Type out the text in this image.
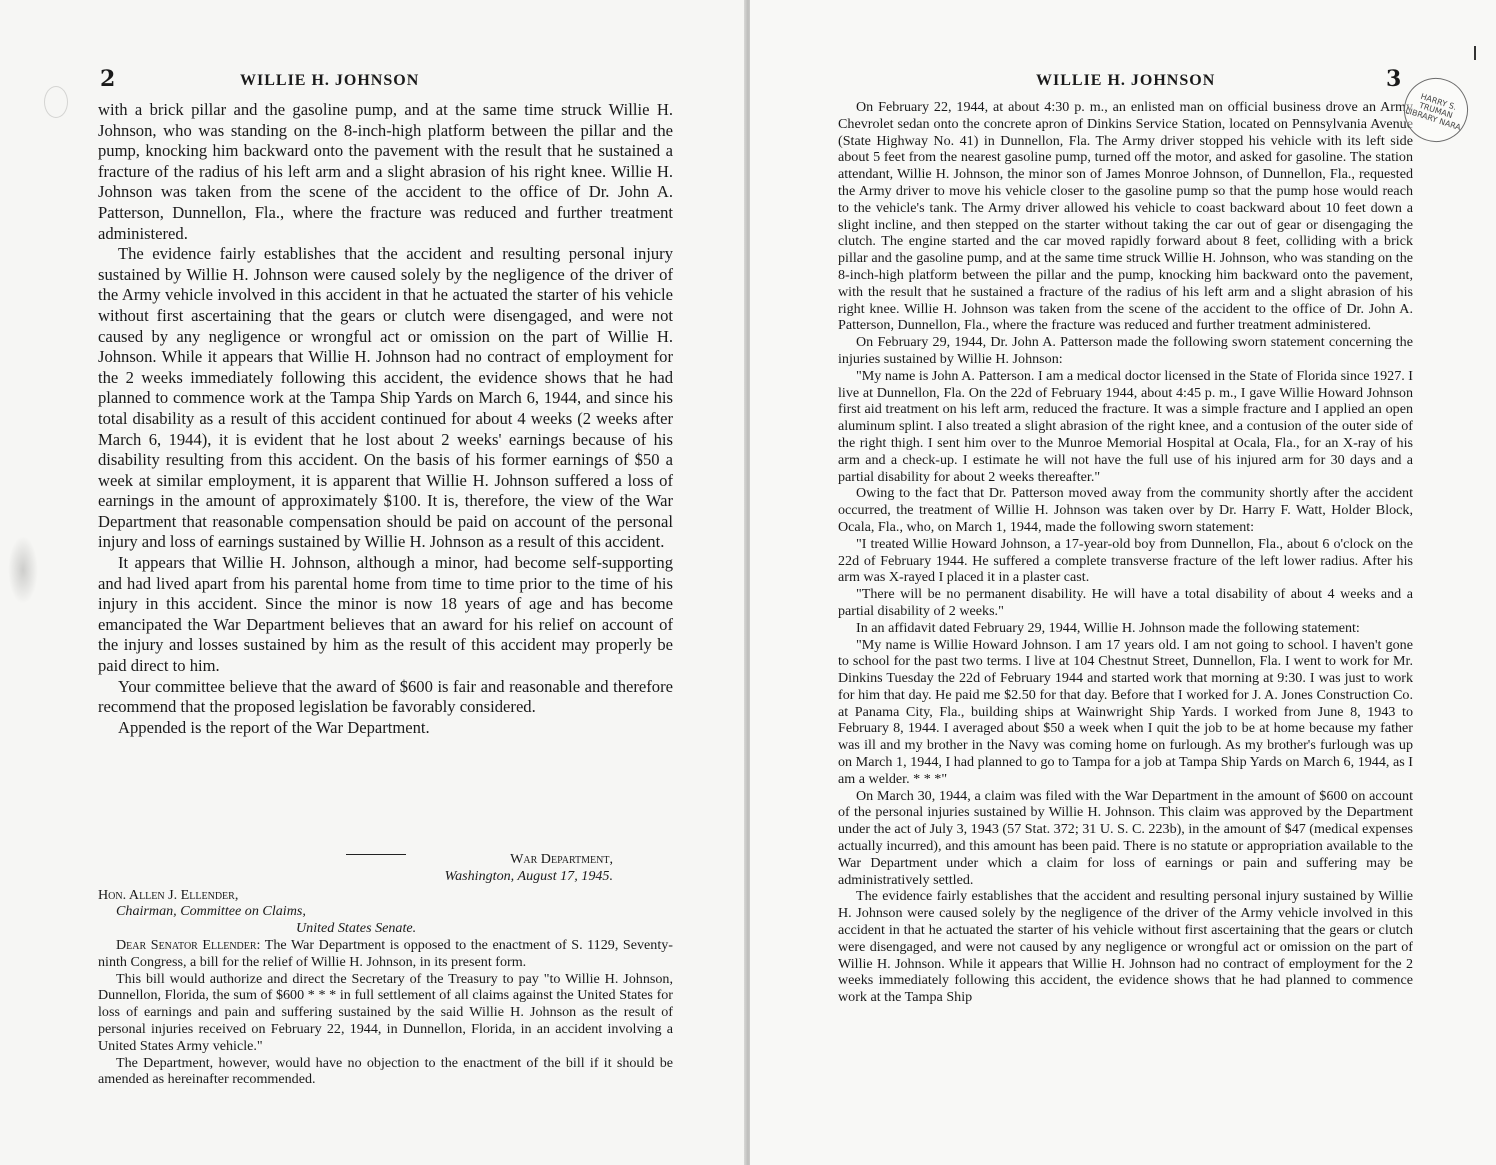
2	WILLIE H. JOHNSON

with a brick pillar and the gasoline pump, and at the same time struck Willie H. Johnson, who was standing on the 8-inch-high platform between the pillar and the pump, knocking him backward onto the pavement with the result that he sustained a fracture of the radius of his left arm and a slight abrasion of his right knee. Willie H. Johnson was taken from the scene of the accident to the office of Dr. John A. Patterson, Dunnellon, Fla., where the fracture was reduced and further treatment administered.

The evidence fairly establishes that the accident and resulting personal injury sustained by Willie H. Johnson were caused solely by the negligence of the driver of the Army vehicle involved in this accident in that he actuated the starter of his vehicle without first ascertaining that the gears or clutch were disengaged, and were not caused by any negligence or wrongful act or omission on the part of Willie H. Johnson. While it appears that Willie H. Johnson had no contract of employment for the 2 weeks immediately following this accident, the evidence shows that he had planned to commence work at the Tampa Ship Yards on March 6, 1944, and since his total disability as a result of this accident continued for about 4 weeks (2 weeks after March 6, 1944), it is evident that he lost about 2 weeks' earnings because of his disability resulting from this accident. On the basis of his former earnings of $50 a week at similar employment, it is apparent that Willie H. Johnson suffered a loss of earnings in the amount of approximately $100. It is, therefore, the view of the War Department that reasonable compensation should be paid on account of the personal injury and loss of earnings sustained by Willie H. Johnson as a result of this accident.

It appears that Willie H. Johnson, although a minor, had become self-supporting and had lived apart from his parental home from time to time prior to the time of his injury in this accident. Since the minor is now 18 years of age and has become emancipated the War Department believes that an award for his relief on account of the injury and losses sustained by him as the result of this accident may properly be paid direct to him.

Your committee believe that the award of $600 is fair and reasonable and therefore recommend that the proposed legislation be favorably considered.

Appended is the report of the War Department.

War Department,
Washington, August 17, 1945.
Hon. Allen J. Ellender,
Chairman, Committee on Claims,
United States Senate.

Dear Senator Ellender: The War Department is opposed to the enactment of S. 1129, Seventy-ninth Congress, a bill for the relief of Willie H. Johnson, in its present form.

This bill would authorize and direct the Secretary of the Treasury to pay "to Willie H. Johnson, Dunnellon, Florida, the sum of $600 * * * in full settlement of all claims against the United States for loss of earnings and pain and suffering sustained by the said Willie H. Johnson as the result of personal injuries received on February 22, 1944, in Dunnellon, Florida, in an accident involving a United States Army vehicle."

The Department, however, would have no objection to the enactment of the bill if it should be amended as hereinafter recommended.

WILLIE H. JOHNSON	3

On February 22, 1944, at about 4:30 p. m., an enlisted man on official business drove an Army Chevrolet sedan onto the concrete apron of Dinkins Service Station, located on Pennsylvania Avenue (State Highway No. 41) in Dunnellon, Fla. The Army driver stopped his vehicle with its left side about 5 feet from the nearest gasoline pump, turned off the motor, and asked for gasoline. The station attendant, Willie H. Johnson, the minor son of James Monroe Johnson, of Dunnellon, Fla., requested the Army driver to move his vehicle closer to the gasoline pump so that the pump hose would reach to the vehicle's tank. The Army driver allowed his vehicle to coast backward about 10 feet down a slight incline, and then stepped on the starter without taking the car out of gear or disengaging the clutch. The engine started and the car moved rapidly forward about 8 feet, colliding with a brick pillar and the gasoline pump, and at the same time struck Willie H. Johnson, who was standing on the 8-inch-high platform between the pillar and the pump, knocking him backward onto the pavement, with the result that he sustained a fracture of the radius of his left arm and a slight abrasion of his right knee. Willie H. Johnson was taken from the scene of the accident to the office of Dr. John A. Patterson, Dunnellon, Fla., where the fracture was reduced and further treatment administered.

On February 29, 1944, Dr. John A. Patterson made the following sworn statement concerning the injuries sustained by Willie H. Johnson:

"My name is John A. Patterson. I am a medical doctor licensed in the State of Florida since 1927. I live at Dunnellon, Fla. On the 22d of February 1944, about 4:45 p. m., I gave Willie Howard Johnson first aid treatment on his left arm, reduced the fracture. It was a simple fracture and I applied an open aluminum splint. I also treated a slight abrasion of the right knee, and a contusion of the outer side of the right thigh. I sent him over to the Munroe Memorial Hospital at Ocala, Fla., for an X-ray of his arm and a check-up. I estimate he will not have the full use of his injured arm for 30 days and a partial disability for about 2 weeks thereafter."

Owing to the fact that Dr. Patterson moved away from the community shortly after the accident occurred, the treatment of Willie H. Johnson was taken over by Dr. Harry F. Watt, Holder Block, Ocala, Fla., who, on March 1, 1944, made the following sworn statement:

"I treated Willie Howard Johnson, a 17-year-old boy from Dunnellon, Fla., about 6 o'clock on the 22d of February 1944. He suffered a complete transverse fracture of the left lower radius. After his arm was X-rayed I placed it in a plaster cast.

"There will be no permanent disability. He will have a total disability of about 4 weeks and a partial disability of 2 weeks."

In an affidavit dated February 29, 1944, Willie H. Johnson made the following statement:

"My name is Willie Howard Johnson. I am 17 years old. I am not going to school. I haven't gone to school for the past two terms. I live at 104 Chestnut Street, Dunnellon, Fla. I went to work for Mr. Dinkins Tuesday the 22d of February 1944 and started work that morning at 9:30. I was just to work for him that day. He paid me $2.50 for that day. Before that I worked for J. A. Jones Construction Co. at Panama City, Fla., building ships at Wainwright Ship Yards. I worked from June 8, 1943 to February 8, 1944. I averaged about $50 a week when I quit the job to be at home because my father was ill and my brother in the Navy was coming home on furlough. As my brother's furlough was up on March 1, 1944, I had planned to go to Tampa for a job at Tampa Ship Yards on March 6, 1944, as I am a welder. * * *"

On March 30, 1944, a claim was filed with the War Department in the amount of $600 on account of the personal injuries sustained by Willie H. Johnson. This claim was approved by the Department under the act of July 3, 1943 (57 Stat. 372; 31 U. S. C. 223b), in the amount of $47 (medical expenses actually incurred), and this amount has been paid. There is no statute or appropriation available to the War Department under which a claim for loss of earnings or pain and suffering may be administratively settled.

The evidence fairly establishes that the accident and resulting personal injury sustained by Willie H. Johnson were caused solely by the negligence of the driver of the Army vehicle involved in this accident in that he actuated the starter of his vehicle without first ascertaining that the gears or clutch were disengaged, and were not caused by any negligence or wrongful act or omission on the part of Willie H. Johnson. While it appears that Willie H. Johnson had no contract of employment for the 2 weeks immediately following this accident, the evidence shows that he had planned to commence work at the Tampa Ship

HARRY S. TRUMAN LIBRARY NARA
